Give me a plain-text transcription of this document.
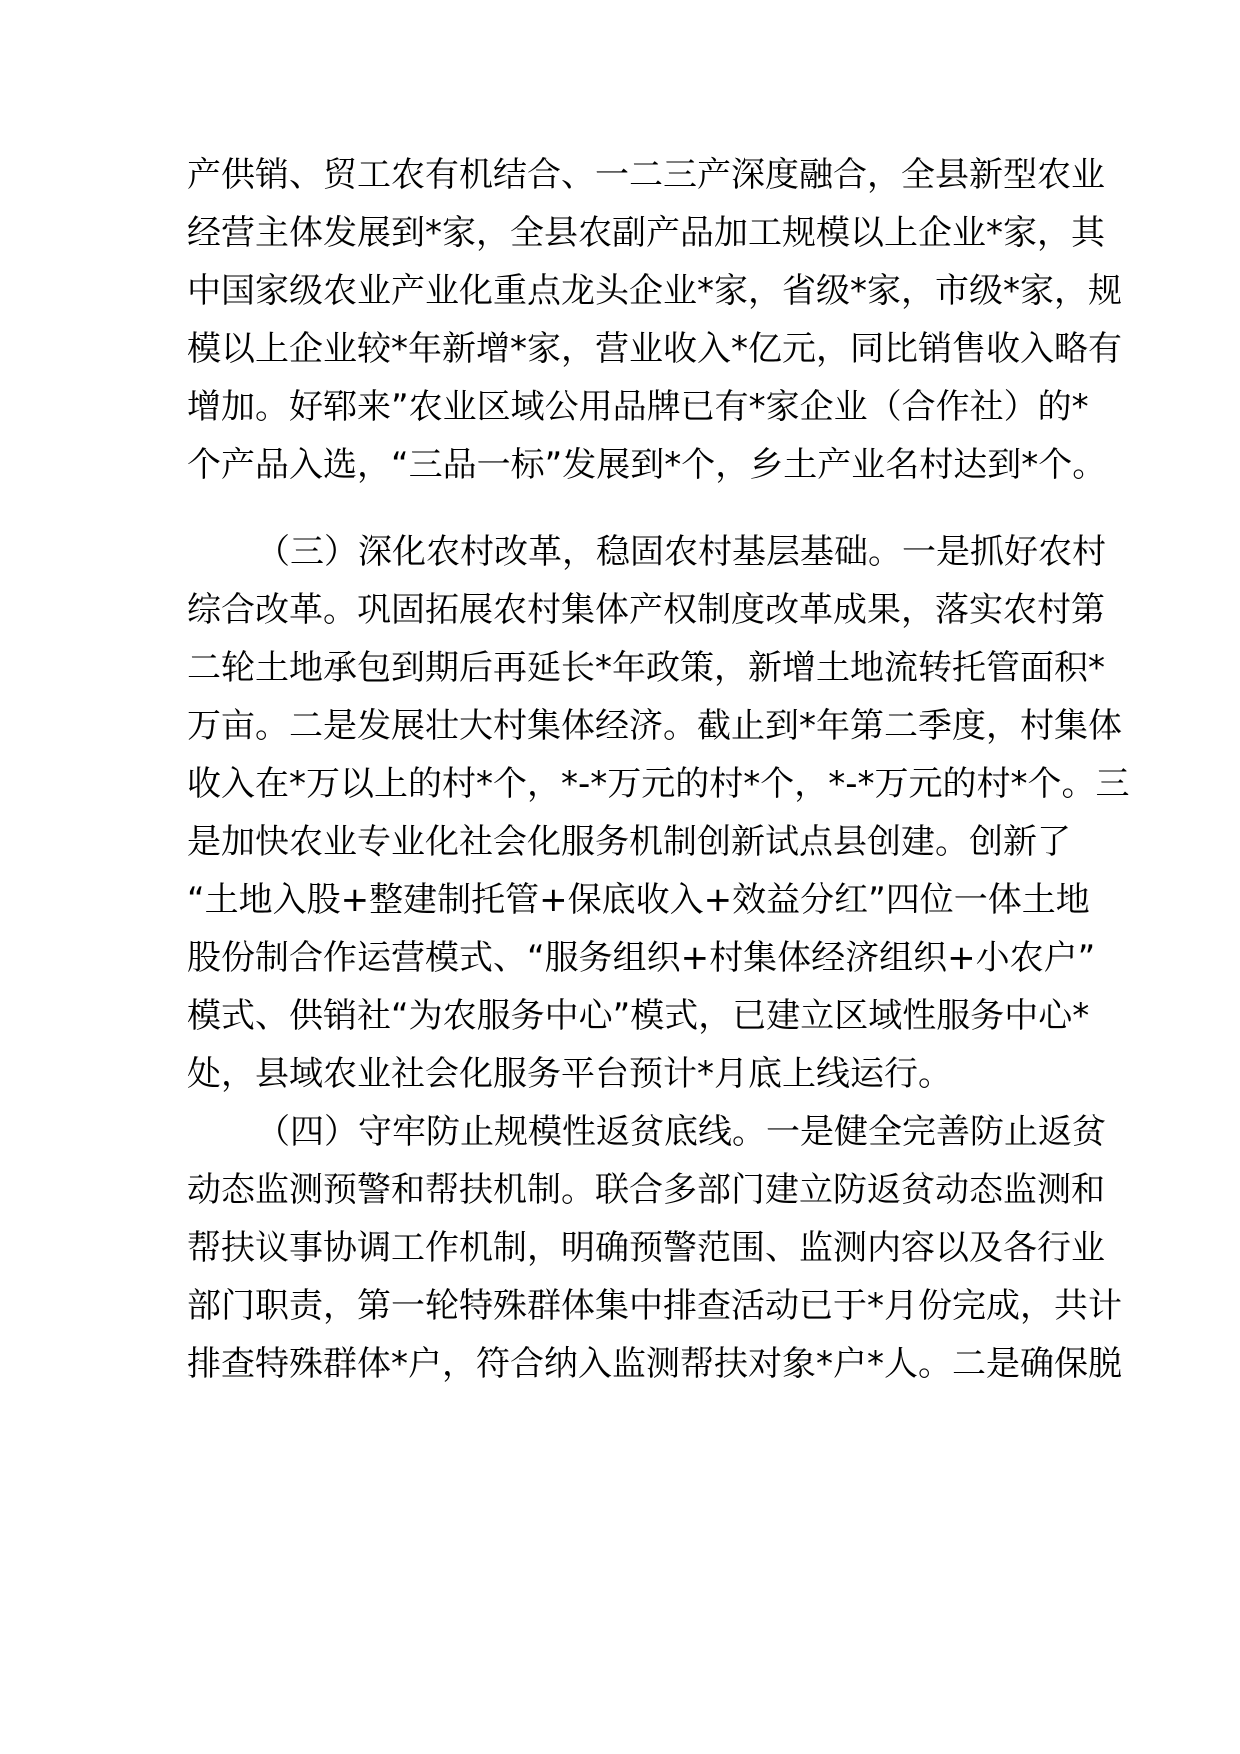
产供销、贸工农有机结合、一二三产深度融合，全县新型农业
经营主体发展到*家，全县农副产品加工规模以上企业*家，其
中国家级农业产业化重点龙头企业*家，省级*家，市级*家，规
模以上企业较*年新增*家，营业收入*亿元，同比销售收入略有
增加。好郓来”农业区域公用品牌已有*家企业（合作社）的*
个产品入选，“三品一标”发展到*个，乡土产业名村达到*个。
（三）深化农村改革，稳固农村基层基础。一是抓好农村
综合改革。巩固拓展农村集体产权制度改革成果，落实农村第
二轮土地承包到期后再延长*年政策，新增土地流转托管面积*
万亩。二是发展壮大村集体经济。截止到*年第二季度，村集体
收入在*万以上的村*个，*-*万元的村*个，*-*万元的村*个。三
是加快农业专业化社会化服务机制创新试点县创建。创新了
“土地入股+整建制托管+保底收入+效益分红”四位一体土地
股份制合作运营模式、“服务组织+村集体经济组织+小农户”
模式、供销社“为农服务中心”模式，已建立区域性服务中心*
处，县域农业社会化服务平台预计*月底上线运行。
（四）守牢防止规模性返贫底线。一是健全完善防止返贫
动态监测预警和帮扶机制。联合多部门建立防返贫动态监测和
帮扶议事协调工作机制，明确预警范围、监测内容以及各行业
部门职责，第一轮特殊群体集中排查活动已于*月份完成，共计
排查特殊群体*户，符合纳入监测帮扶对象*户*人。二是确保脱
